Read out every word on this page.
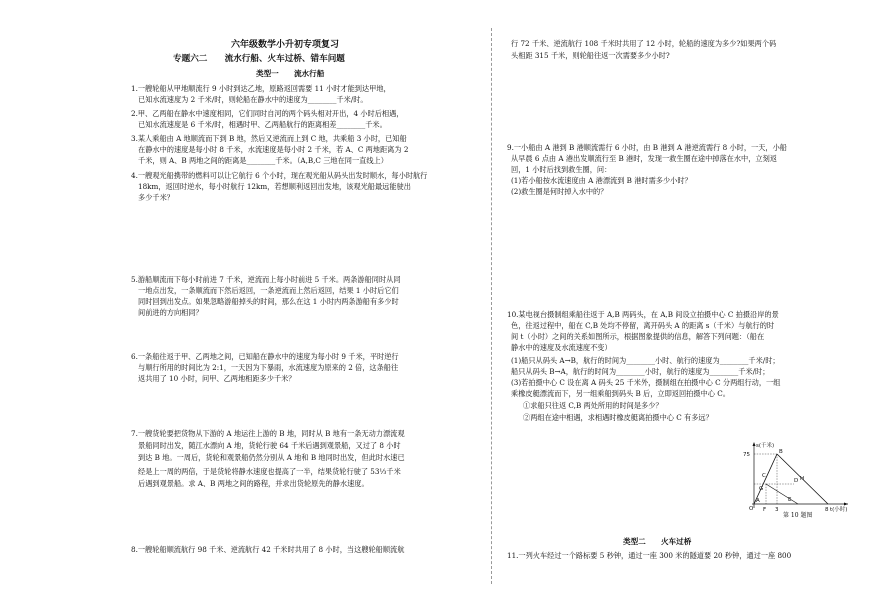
六年级数学小升初专项复习
专题六二　　流水行船、火车过桥、错车问题
类型一　　流水行船
1.一艘轮船从甲地顺流行 9 小时到达乙地，原路返回需要 11 小时才能到达甲地，
已知水流速度为 2 千米/时，则轮船在静水中的速度为________千米/时。
2.甲、乙两船在静水中速度相同，它们同时自河的两个码头相对开出，4 小时后相遇，
已知水流速度是 6 千米/时，相遇时甲、乙两船航行的距离相差________千米。
3.某人乘船由 A 地顺流而下到 B 地，然后又逆流而上到 C 地，共乘船 3 小时，已知船
在静水中的速度是每小时 8 千米，水流速度是每小时 2 千米，若 A、C 两地距离为 2
千米，则 A、B 两地之间的距离是________千米。（A,B,C 三地在同一直线上）
4.一艘观光船携带的燃料可以让它航行 6 个小时，现在观光船从码头出发时顺水，每小时航行
18km，返回时逆水，每小时航行 12km，若想顺利返回出发地，该观光船最远能驶出
多少千米？
5.游船顺流而下每小时前进 7 千米，逆流而上每小时前进 5 千米。两条游船同时从同
一地点出发，一条顺流而下然后返回，一条逆流而上然后返回，结果 1 小时后它们
同时回到出发点。如果忽略游船掉头的时间，那么在这 1 小时内两条游船有多少时
间前进的方向相同？
6.一条船往返于甲、乙两地之间，已知船在静水中的速度为每小时 9 千米，平时逆行
与顺行所用的时间比为 2:1，一天因为下暴雨，水流速度为原来的 2 倍，这条船往
返共用了 10 小时，问甲、乙两地相距多少千米？
7.一艘货轮要把货物从下游的 A 地运往上游的 B 地，同时从 B 地有一条无动力漂流观
景船同时出发，随江水漂向 A 地，货轮行驶 64 千米后遇到观景船，又过了 8 小时
到达 B 地。一周后，货轮和观景船仍然分别从 A 地和 B 地同时出发，但此时水速已
经是上一周的两倍，于是货轮将静水速度也提高了一半，结果货轮行驶了 53⅓千米
后遇到观景船。求 A、B 两地之间的路程，并求出货轮原先的静水速度。
8.一艘轮船顺流航行 98 千米、逆流航行 42 千米时共用了 8 小时，当这艘轮船顺流航
行 72 千米、逆流航行 108 千米时共用了 12 小时，轮船的速度为多少?如果两个码
头相距 315 千米，则轮船往返一次需要多少小时?
9.一小船由 A 港到 B 港顺流需行 6 小时，由 B 港到 A 港逆流需行 8 小时，一天，小船
从早晨 6 点由 A 港出发顺流行至 B 港时，发现一救生圈在途中掉落在水中，立刻返
回，1 小时后找到救生圈，问：
(1)若小船按水流速度由 A 港漂流到 B 港时需多少小时？
(2)救生圈是何时掉入水中的？
10.某电视台摄制组乘船往返于 A,B 两码头，在 A,B 间设立拍摄中心 C 拍摄沿岸的景
色，往返过程中，船在 C,B 处均不停留，离开码头 A 的距离 s（千米）与航行的时
间 t（小时）之间的关系如图所示，根据图象提供的信息，解答下列问题：（船在
静水中的速度及水流速度不变）
(1)船只从码头 A→B，航行的时间为________小时、航行的速度为________千米/时；
船只从码头 B→A，航行的时间为________小时，航行的速度为________千米/时；
(3)若拍摄中心 C 设在离 A 码头 25 千米外，摄制组在拍摄中心 C 分两组行动，一组
乘橡皮艇漂流而下，另一组乘船到码头 B 后，立即返回拍摄中心 C。
①求船只往返 C,B 两处所用的时间是多少？
②两组在途中相遇，求相遇时橡皮艇离拍摄中心 C 有多远？
第 10 题图
类型二　　火车过桥
11.一列火车经过一个路标要 5 秒钟，通过一座 300 米的隧道要 20 秒钟，通过一座 800
s(千米)
t(小时)
75
3	8
O
A
B
C
D
E
F
G
H
